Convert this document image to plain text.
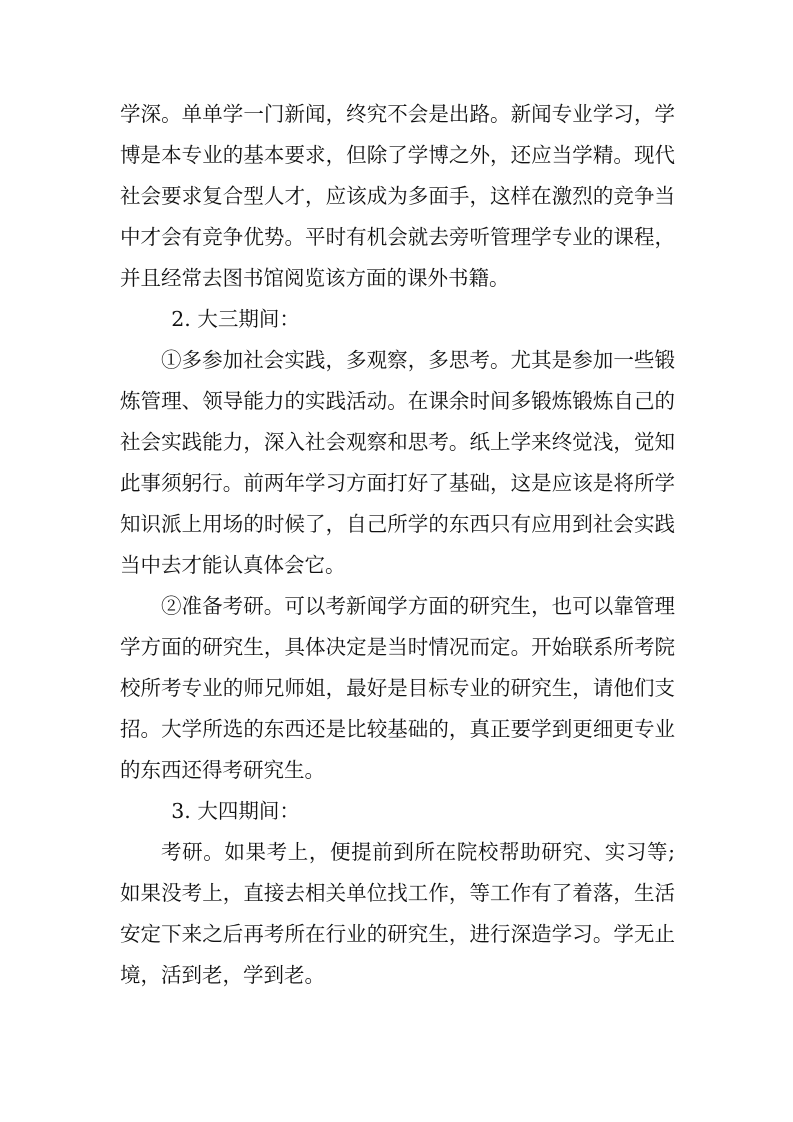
学深。单单学一门新闻，终究不会是出路。新闻专业学习，学博是本专业的基本要求，但除了学博之外，还应当学精。现代社会要求复合型人才，应该成为多面手，这样在激烈的竞争当中才会有竞争优势。平时有机会就去旁听管理学专业的课程，并且经常去图书馆阅览该方面的课外书籍。

2. 大三期间：

①多参加社会实践，多观察，多思考。尤其是参加一些锻炼管理、领导能力的实践活动。在课余时间多锻炼锻炼自己的社会实践能力，深入社会观察和思考。纸上学来终觉浅，觉知此事须躬行。前两年学习方面打好了基础，这是应该是将所学知识派上用场的时候了，自己所学的东西只有应用到社会实践当中去才能认真体会它。

②准备考研。可以考新闻学方面的研究生，也可以靠管理学方面的研究生，具体决定是当时情况而定。开始联系所考院校所考专业的师兄师姐，最好是目标专业的研究生，请他们支招。大学所选的东西还是比较基础的，真正要学到更细更专业的东西还得考研究生。

3. 大四期间：

考研。如果考上，便提前到所在院校帮助研究、实习等;如果没考上，直接去相关单位找工作，等工作有了着落，生活安定下来之后再考所在行业的研究生，进行深造学习。学无止境，活到老，学到老。
